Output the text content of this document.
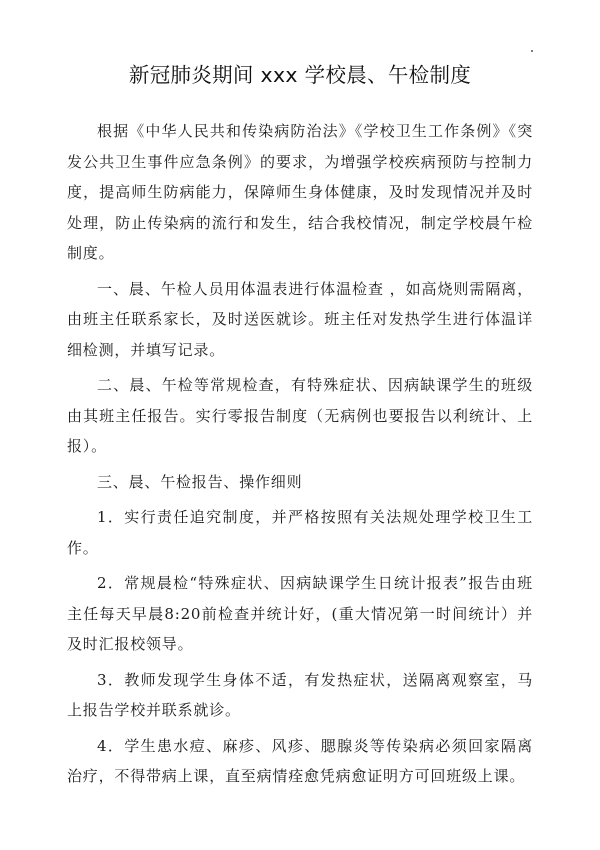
新冠肺炎期间 xxx 学校晨、午检制度

根据《中华人民共和传染病防治法》《学校卫生工作条例》《突发公共卫生事件应急条例》的要求，为增强学校疾病预防与控制力度，提高师生防病能力，保障师生身体健康，及时发现情况并及时处理，防止传染病的流行和发生，结合我校情况，制定学校晨午检制度。

一、晨、午检人员用体温表进行体温检查 ，如高烧则需隔离，由班主任联系家长，及时送医就诊。班主任对发热学生进行体温详细检测，并填写记录。

二、晨、午检等常规检查，有特殊症状、因病缺课学生的班级由其班主任报告。实行零报告制度（无病例也要报告以利统计、上报）。

三、晨、午检报告、操作细则

1．实行责任追究制度，并严格按照有关法规处理学校卫生工作。

2．常规晨检“特殊症状、因病缺课学生日统计报表”报告由班主任每天早晨8:20前检查并统计好，(重大情况第一时间统计）并及时汇报校领导。

3．教师发现学生身体不适，有发热症状，送隔离观察室，马上报告学校并联系就诊。

4．学生患水痘、麻疹、风疹、腮腺炎等传染病必须回家隔离治疗，不得带病上课，直至病情痊愈凭病愈证明方可回班级上课。
